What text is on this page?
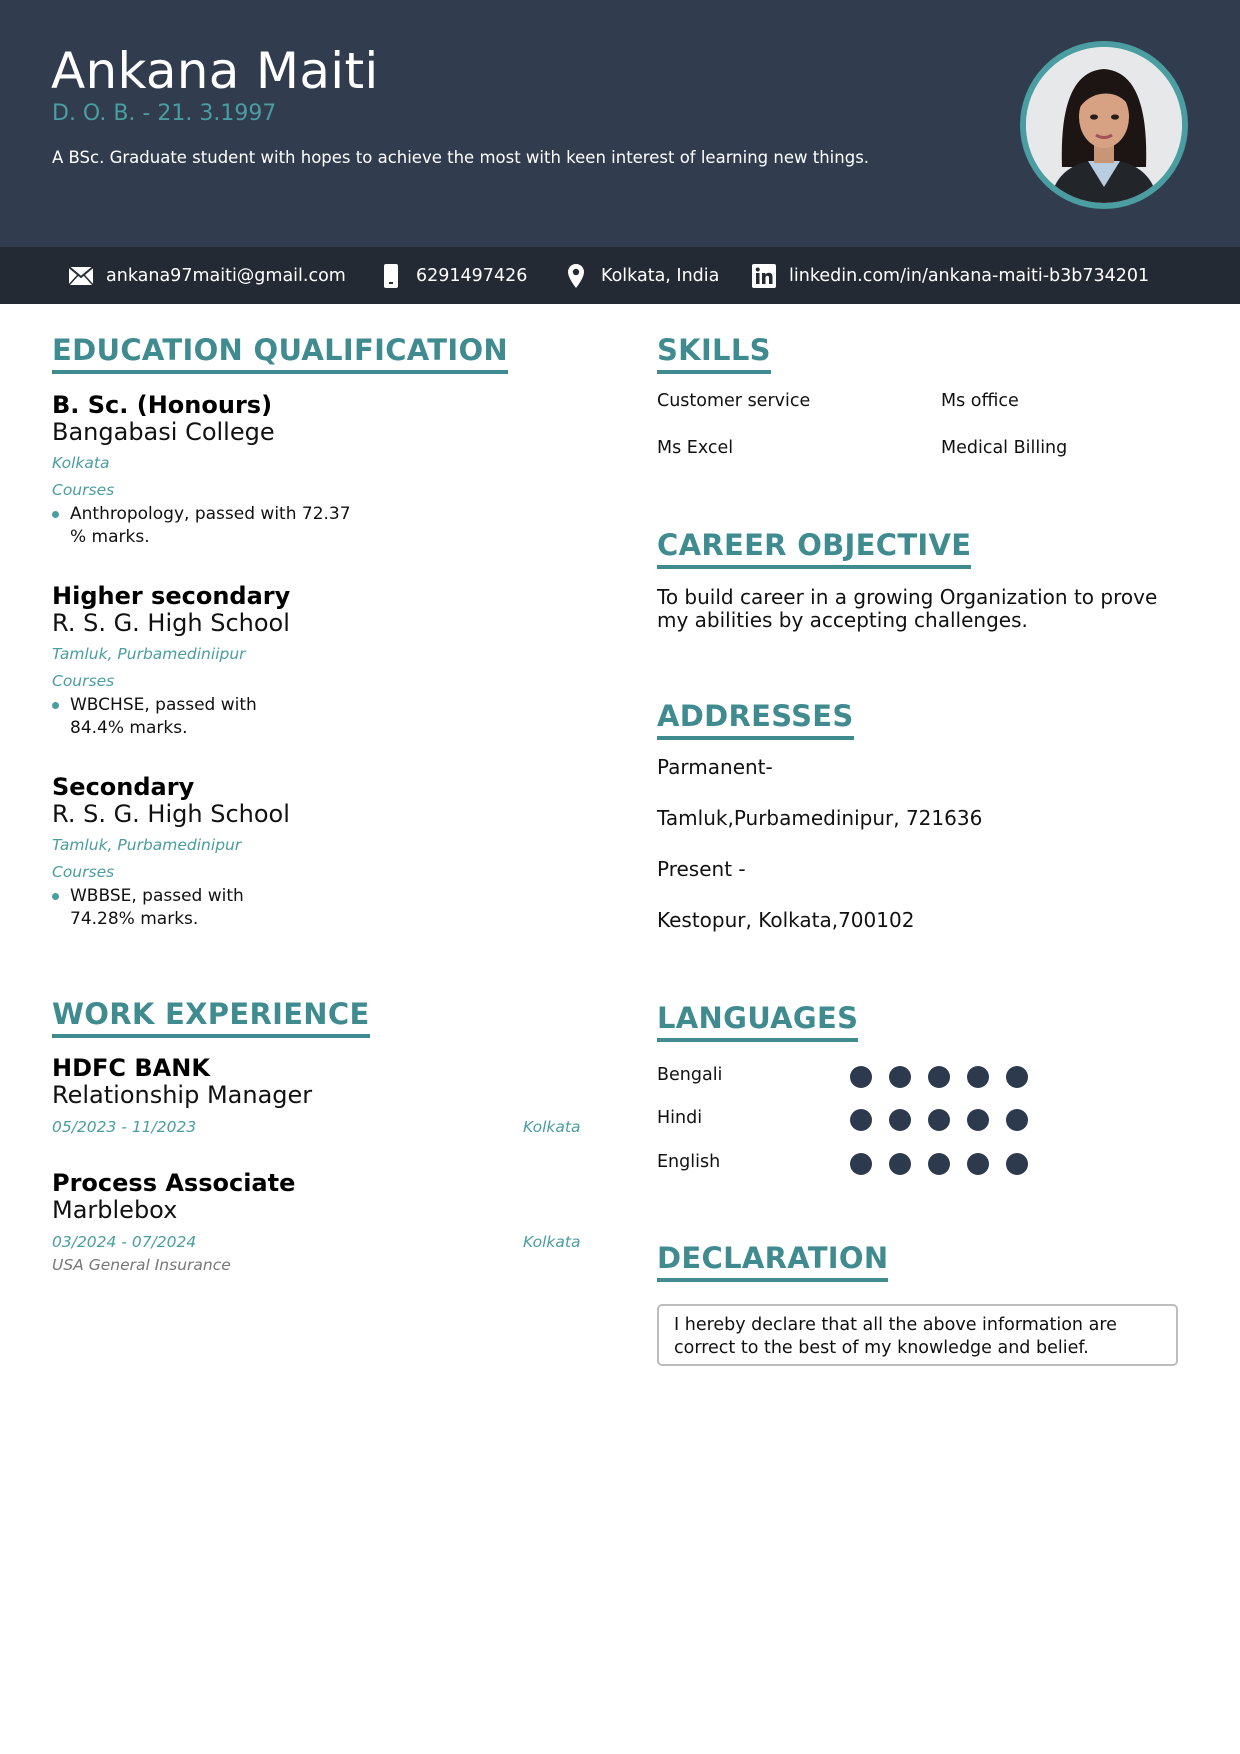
Ankana Maiti
D. O. B. - 21. 3.1997
A BSc. Graduate student with hopes to achieve the most with keen interest of learning new things.
ankana97maiti@gmail.com	6291497426	Kolkata, India	linkedin.com/in/ankana-maiti-b3b734201
EDUCATION QUALIFICATION
B. Sc. (Honours)
Bangabasi College
Kolkata
Courses
Anthropology, passed with 72.37 % marks.
Higher secondary
R. S. G. High School
Tamluk, Purbamediniipur
Courses
WBCHSE, passed with 84.4% marks.
Secondary
R. S. G. High School
Tamluk, Purbamedinipur
Courses
WBBSE, passed with 74.28% marks.
WORK EXPERIENCE
HDFC BANK
Relationship Manager
05/2023 - 11/2023	Kolkata
Process Associate
Marblebox
03/2024 - 07/2024	Kolkata
USA General Insurance
SKILLS
Customer service	Ms office
Ms Excel	Medical Billing
CAREER OBJECTIVE
To build career in a growing Organization to prove my abilities by accepting challenges.
ADDRESSES
Parmanent-
Tamluk,Purbamedinipur, 721636
Present -
Kestopur, Kolkata,700102
LANGUAGES
Bengali
Hindi
English
DECLARATION
I hereby declare that all the above information are correct to the best of my knowledge and belief.
